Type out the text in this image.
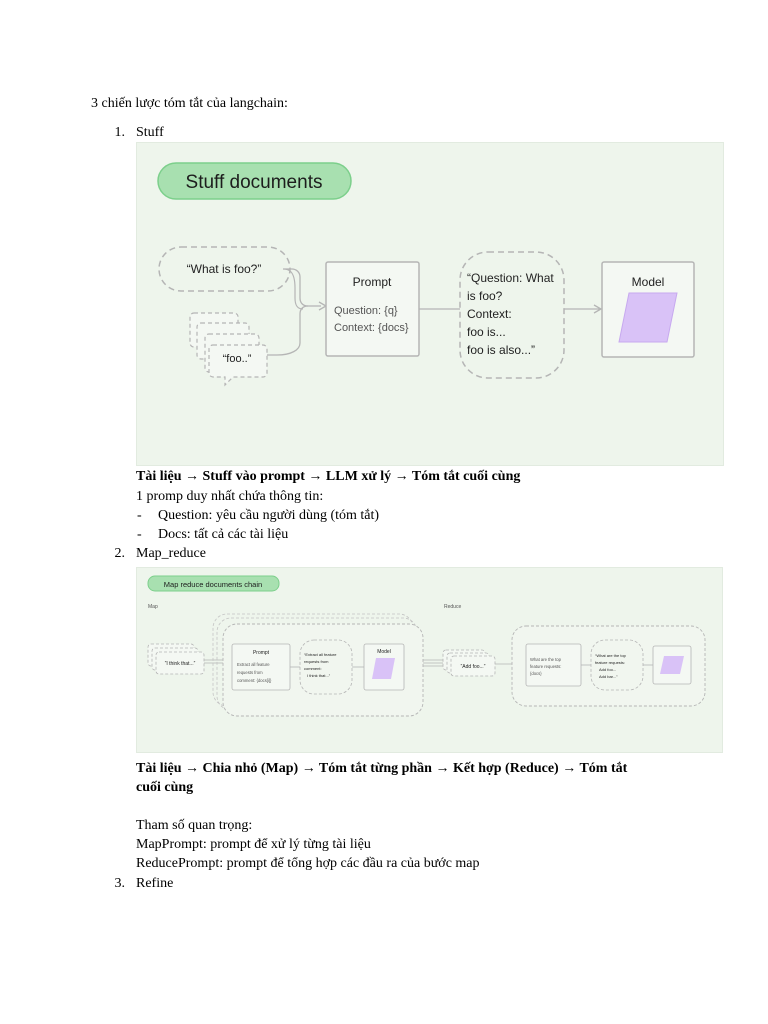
3 chiến lược tóm tắt của langchain:
1. Stuff
Stuff documents
“What is foo?”
“foo..”
Prompt
Question: {q}
Context: {docs}
“Question: What
is foo?
Context:
foo is...
foo is also...”
Model
Tài liệu → Stuff vào prompt → LLM xử lý → Tóm tắt cuối cùng
1 promp duy nhất chứa thông tin:
- Question: yêu cầu người dùng (tóm tắt)
- Docs: tất cả các tài liệu
2. Map_reduce
Map reduce documents chain
Map	Reduce
“I think that...”
Prompt
Extract all feature
requests from
comment: {docs[i]}
“Extract all feature
requests from
comment:
I think that...”
Model
“Add foo...”
What are the top
feature requests:
{docs}
“What are the top
feature requests:
Add foo...
Add bar...”
Tài liệu → Chia nhỏ (Map) → Tóm tắt từng phần → Kết hợp (Reduce) → Tóm tắt
cuối cùng
Tham số quan trọng:
MapPrompt: prompt để xử lý từng tài liệu
ReducePrompt: prompt để tổng hợp các đầu ra của bước map
3. Refine
